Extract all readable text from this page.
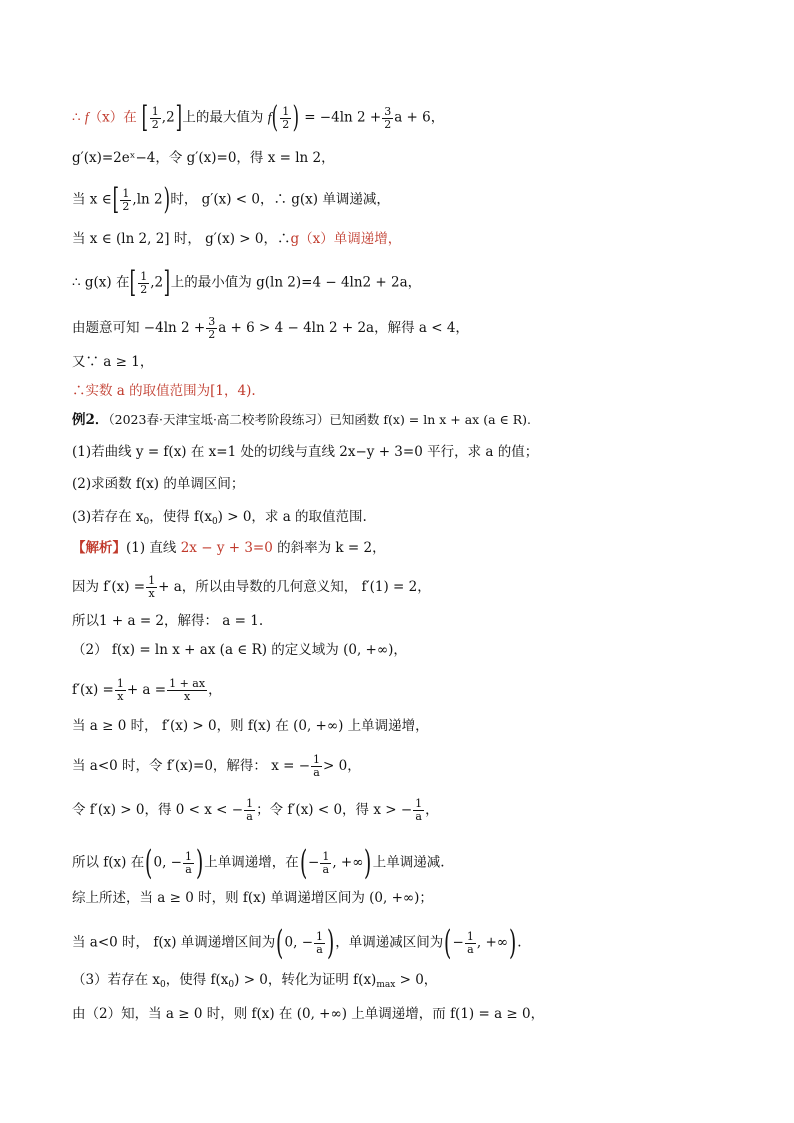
∴ f（x）在 [ $\frac{1}{2} ,2$]上的最大值为 $f( \frac{1}{2}$ ) = −4ln $2 + \frac{3}{2}$ a + 6，
g′(x)=2eˣ−4，令 g′(x)=0，得 x = ln 2，
当 x ∈[ $\frac{1}{2} ,\ln$ 2)时， g′(x) < 0，∴ g(x) 单调递减，
当 x ∈ (ln 2, 2] 时， g′(x) > 0，∴g（x）单调递增，
∴ g(x) 在[ $\frac{1}{2} ,2$]上的最小值为 g(ln 2)=4 − 4ln2 + 2a，
由题意可知 −4ln $2 + \frac{3}{2}$ a + 6 > 4 − 4ln 2 + 2a，解得 a < 4，
又∵ a ≥ 1，
∴实数 a 的取值范围为[1，4).
例2．（2023春·天津宝坻·高二校考阶段练习）已知函数 f(x) = ln x + ax (a ∈ R).
(1)若曲线 y = f(x) 在 x=1 处的切线与直线 2x−y + 3=0 平行，求 a 的值；
(2)求函数 f(x) 的单调区间；
(3)若存在 $x_0$，使得 $f(x_0) > 0$，求 a 的取值范围.
【解析】(1) 直线 2x − y + 3=0 的斜率为 k = 2，
因为 $f'(x) = \frac{1}{x} + a$，所以由导数的几何意义知， f′(1) = 2，
所以1 + a = 2，解得： a = 1.
（2） f(x) = ln x + ax (a ∈ R) 的定义域为 (0, +∞)，
$f'(x) = \frac{1}{x} + a = \frac{1 + ax}{x}$ ，
当 a ≥ 0 时， f′(x) > 0，则 f(x) 在 (0, +∞) 上单调递增，
当 a<0 时，令 f′(x)=0，解得： x = − $\frac{1}{a} > 0$，
令 f′(x) > 0，得 0 < x < − $\frac{1}{a}$ ；令 f′(x) < 0，得 x > − $\frac{1}{a}$ ，
所以 f(x) 在(0, − $\frac{1}{a}$ )上单调递增，在(− $\frac{1}{a}$ , +∞)上单调递减.
综上所述，当 a ≥ 0 时，则 f(x) 单调递增区间为 (0, +∞)；
当 a<0 时， f(x) 单调递增区间为(0, − $\frac{1}{a}$ )，单调递减区间为(− $\frac{1}{a}$ , +∞).
（3）若存在 $x_0$，使得 $f(x_0) > 0$，转化为证明 $f(x)_{max} > 0$，
由（2）知，当 a ≥ 0 时，则 f(x) 在 (0, +∞) 上单调递增，而 f(1) = a ≥ 0，
